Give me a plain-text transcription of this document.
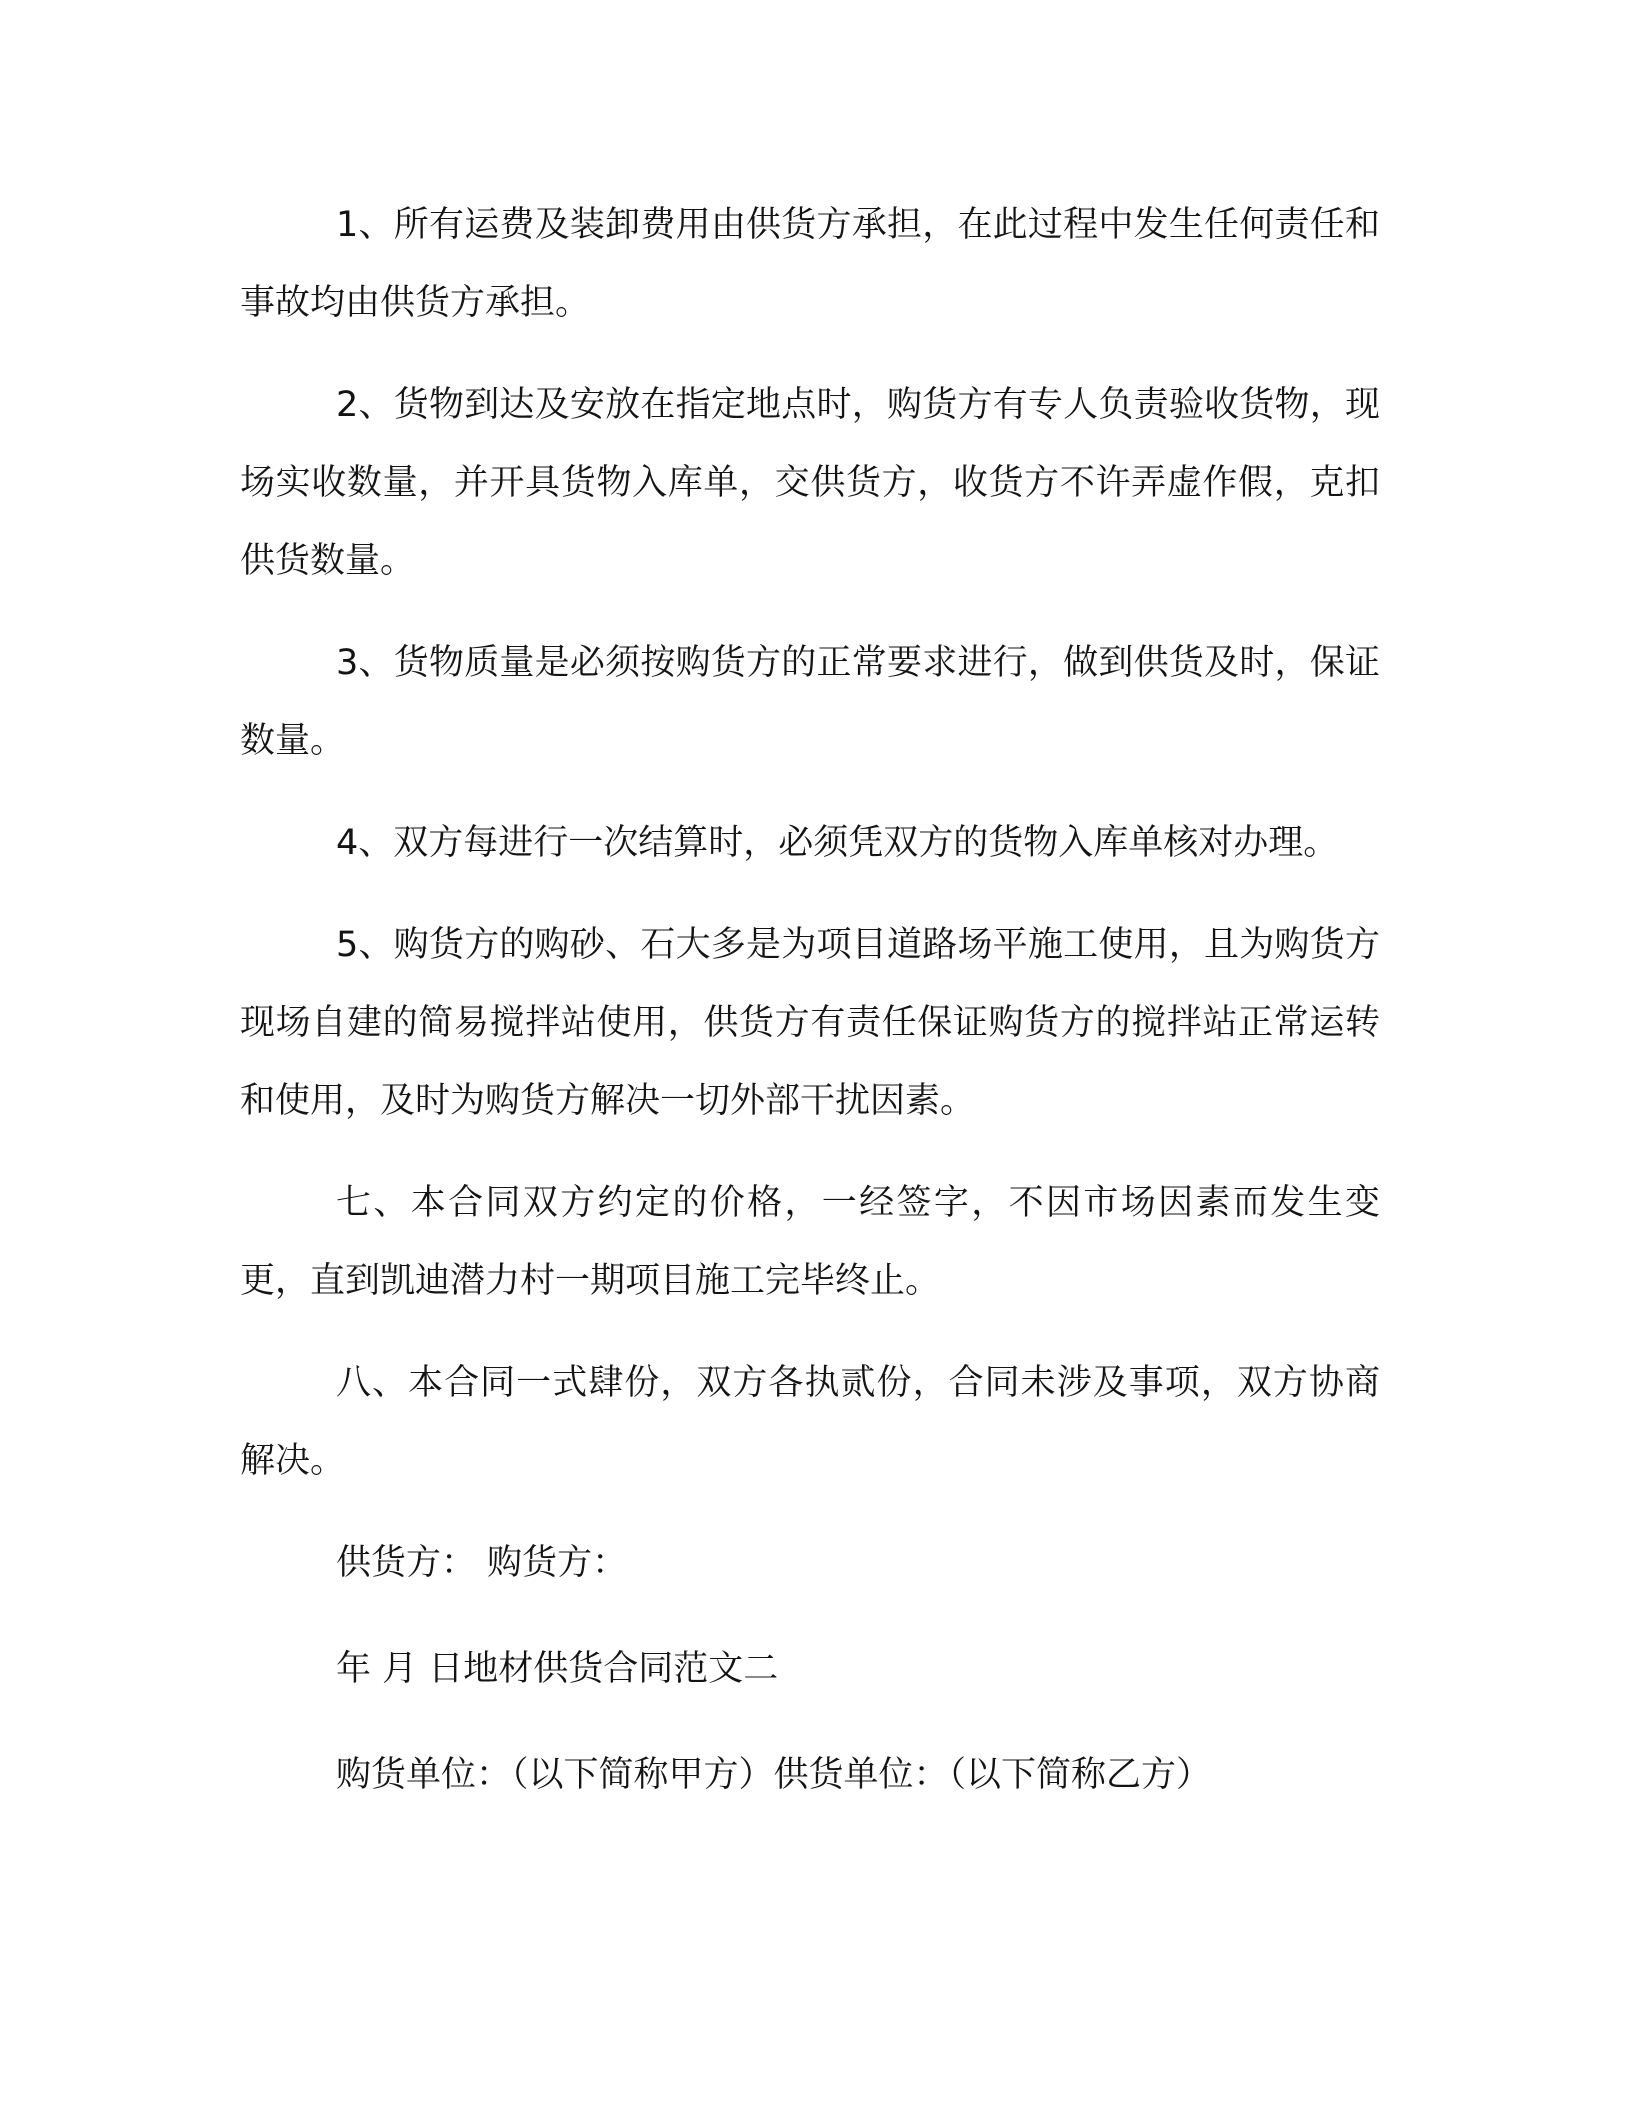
1、所有运费及装卸费用由供货方承担，在此过程中发生任何责任和事故均由供货方承担。

2、货物到达及安放在指定地点时，购货方有专人负责验收货物，现场实收数量，并开具货物入库单，交供货方，收货方不许弄虚作假，克扣供货数量。

3、货物质量是必须按购货方的正常要求进行，做到供货及时，保证数量。

4、双方每进行一次结算时，必须凭双方的货物入库单核对办理。

5、购货方的购砂、石大多是为项目道路场平施工使用，且为购货方现场自建的简易搅拌站使用，供货方有责任保证购货方的搅拌站正常运转和使用，及时为购货方解决一切外部干扰因素。

七、本合同双方约定的价格，一经签字，不因市场因素而发生变更，直到凯迪潜力村一期项目施工完毕终止。

八、本合同一式肆份，双方各执贰份，合同未涉及事项，双方协商解决。

供货方： 购货方：

年 月 日地材供货合同范文二

购货单位：（以下简称甲方）供货单位：（以下简称乙方）
